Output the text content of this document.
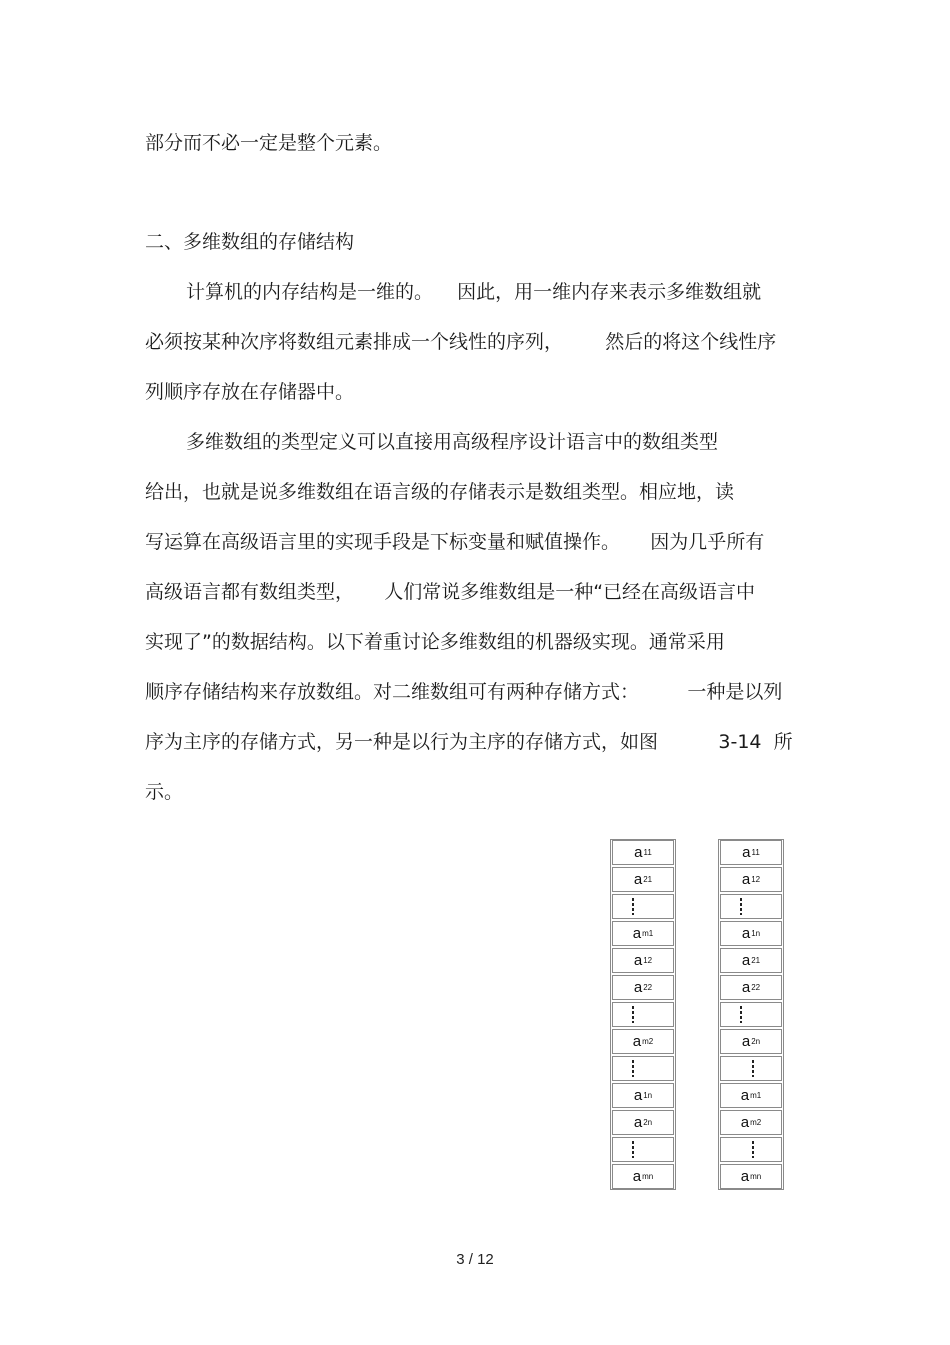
部分而不必一定是整个元素。
二、多维数组的存储结构
计算机的内存结构是一维的。    因此，用一维内存来表示多维数组就
必须按某种次序将数组元素排成一个线性的序列，       然后的将这个线性序
列顺序存放在存储器中。
多维数组的类型定义可以直接用高级程序设计语言中的数组类型
给出，也就是说多维数组在语言级的存储表示是数组类型。相应地，读
写运算在高级语言里的实现手段是下标变量和赋值操作。     因为几乎所有
高级语言都有数组类型，     人们常说多维数组是一种“已经在高级语言中
实现了”的数据结构。以下着重讨论多维数组的机器级实现。通常采用
顺序存储结构来存放数组。对二维数组可有两种存储方式：        一种是以列
序为主序的存储方式，另一种是以行为主序的存储方式，如图          3-14  所
示。
a 11
a 21
a m1
a 12
a 22
a m2
a 1n
a 2n
a mn
a 11
a 12
a 1n
a 21
a 22
a 2n
a m1
a m2
a mn
3 / 12
